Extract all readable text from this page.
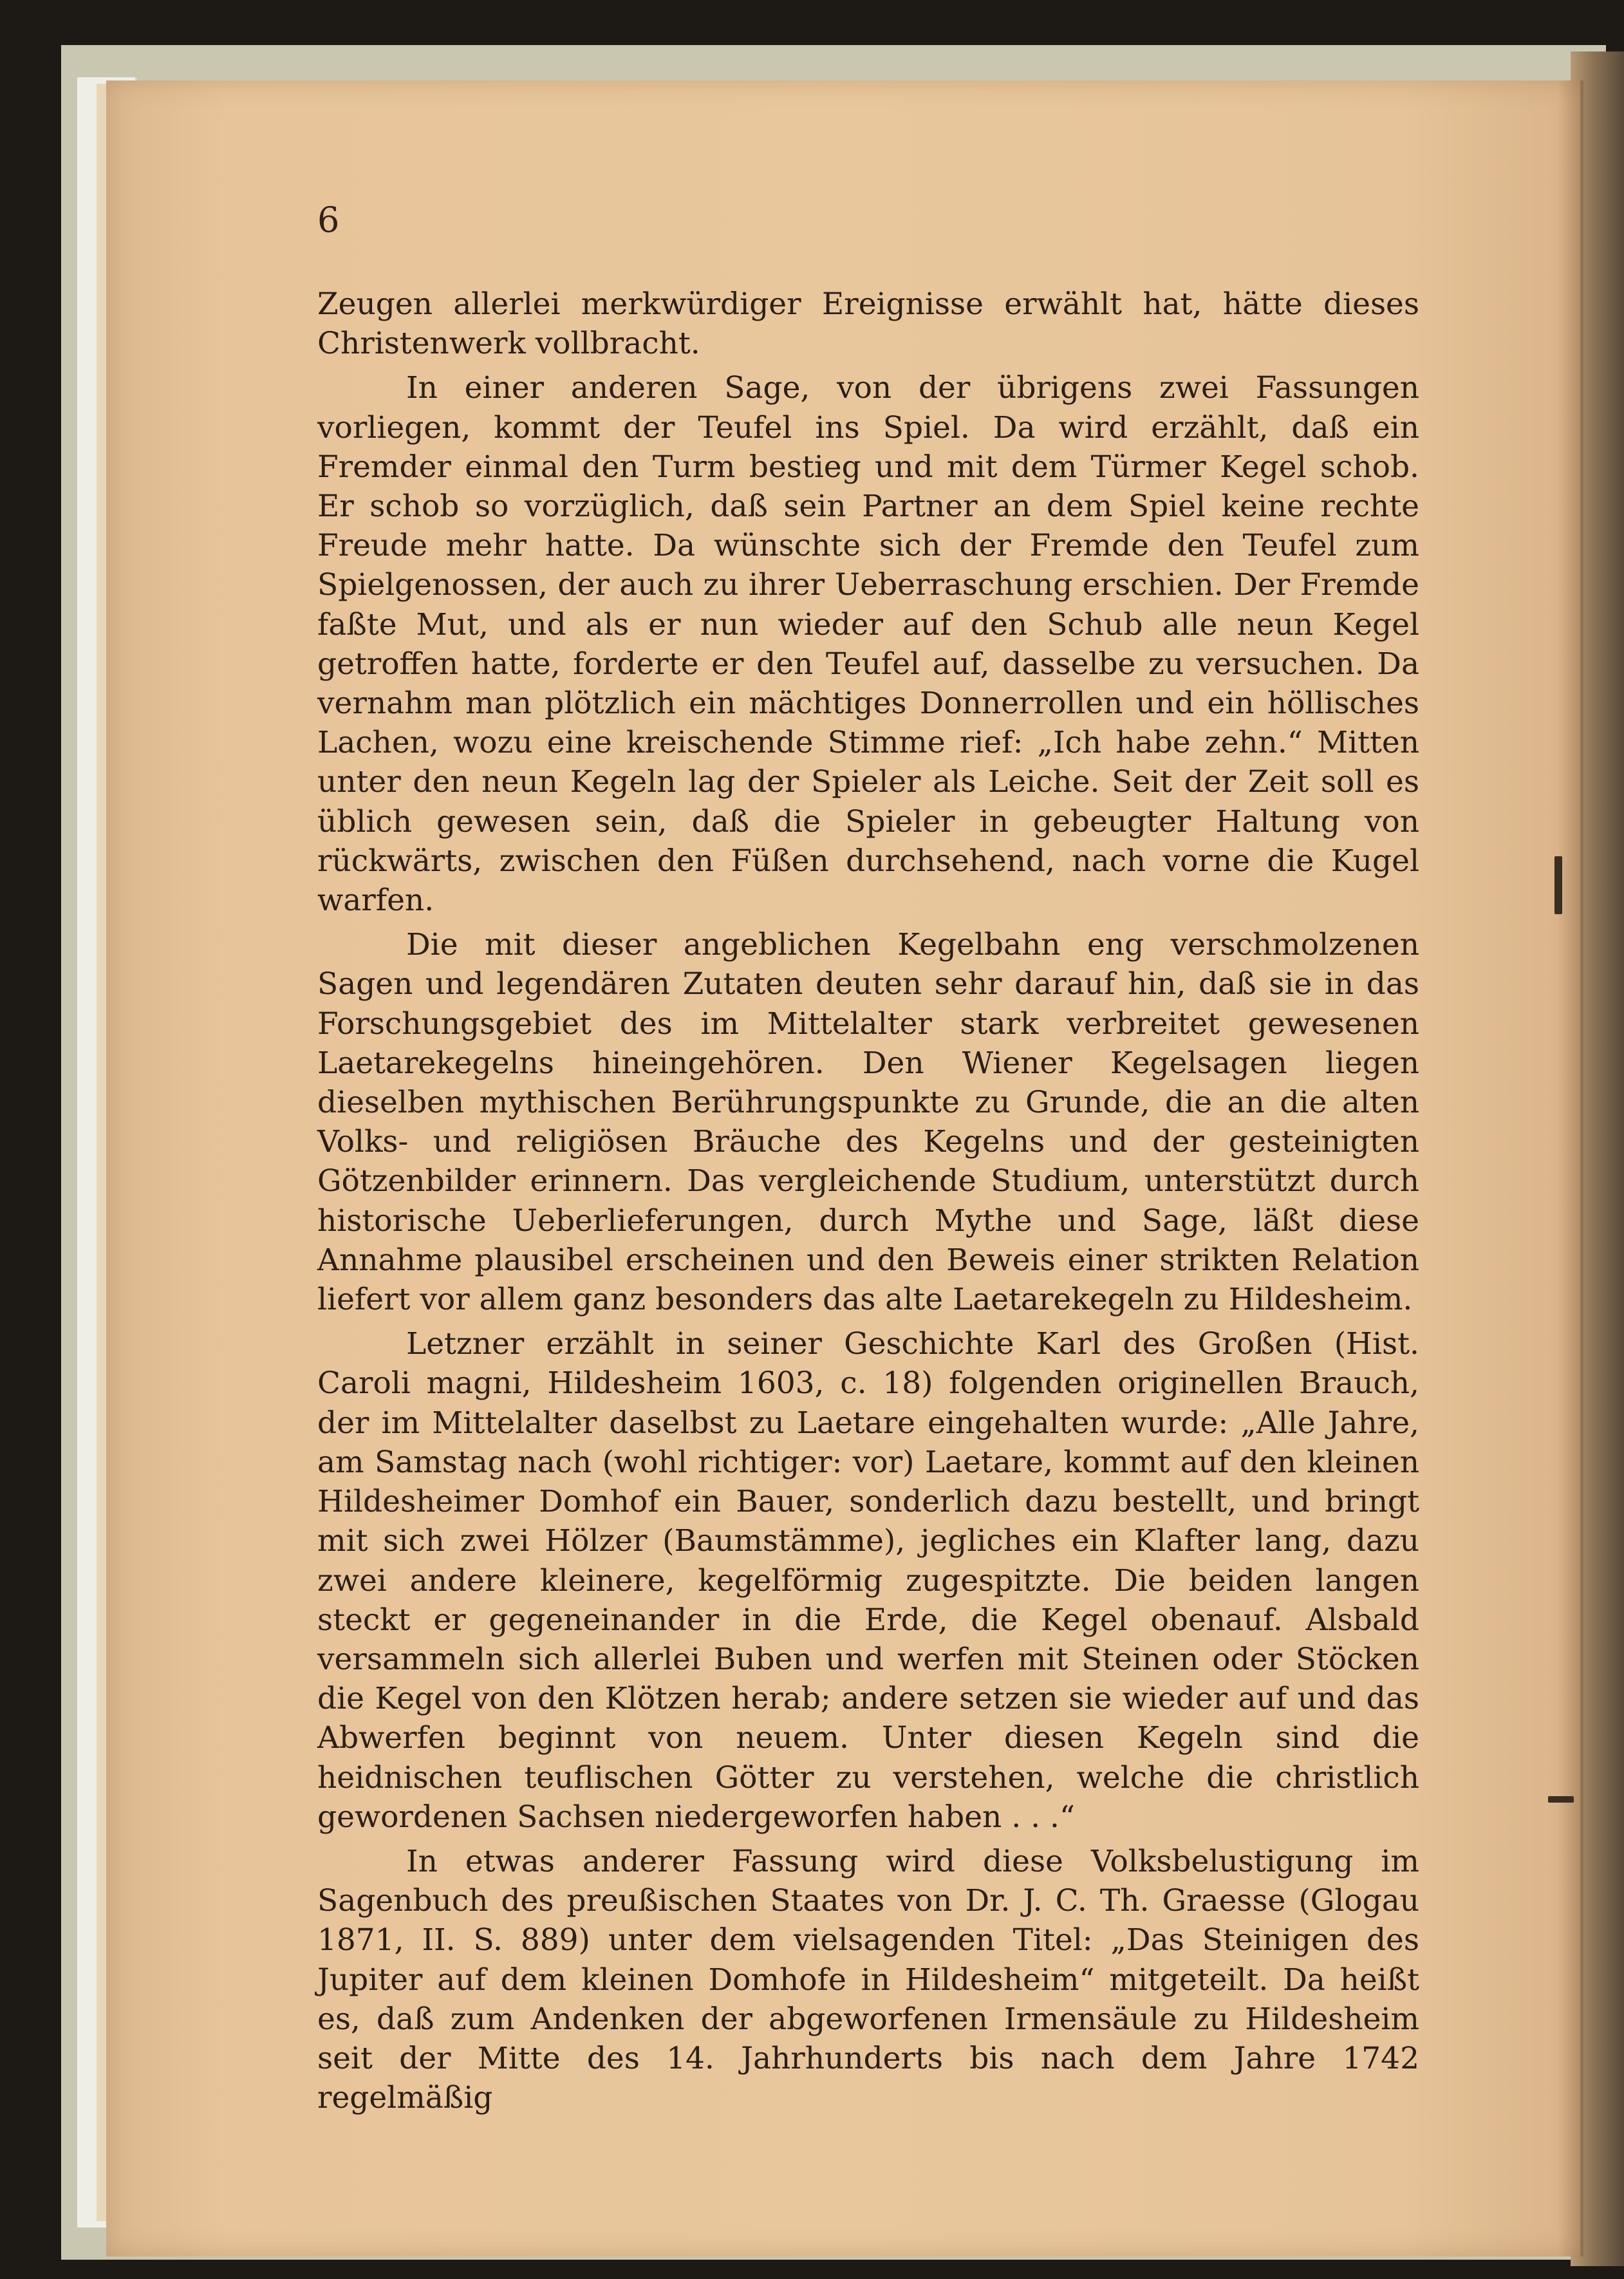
6

Zeugen allerlei merkwürdiger Ereignisse erwählt hat, hätte dieses Christenwerk vollbracht.

In einer anderen Sage, von der übrigens zwei Fassungen vorliegen, kommt der Teufel ins Spiel. Da wird erzählt, daß ein Fremder einmal den Turm bestieg und mit dem Türmer Kegel schob. Er schob so vorzüglich, daß sein Partner an dem Spiel keine rechte Freude mehr hatte. Da wünschte sich der Fremde den Teufel zum Spielgenossen, der auch zu ihrer Ueberraschung erschien. Der Fremde faßte Mut, und als er nun wieder auf den Schub alle neun Kegel getroffen hatte, forderte er den Teufel auf, dasselbe zu versuchen. Da vernahm man plötzlich ein mächtiges Donnerrollen und ein höllisches Lachen, wozu eine kreischende Stimme rief: „Ich habe zehn.“ Mitten unter den neun Kegeln lag der Spieler als Leiche. Seit der Zeit soll es üblich gewesen sein, daß die Spieler in gebeugter Haltung von rückwärts, zwischen den Füßen durchsehend, nach vorne die Kugel warfen.

Die mit dieser angeblichen Kegelbahn eng verschmolzenen Sagen und legendären Zutaten deuten sehr darauf hin, daß sie in das Forschungsgebiet des im Mittelalter stark verbreitet gewesenen Laetarekegelns hineingehören. Den Wiener Kegelsagen liegen dieselben mythischen Berührungspunkte zu Grunde, die an die alten Volks- und religiösen Bräuche des Kegelns und der gesteinigten Götzenbilder erinnern. Das vergleichende Studium, unterstützt durch historische Ueberlieferungen, durch Mythe und Sage, läßt diese Annahme plausibel erscheinen und den Beweis einer strikten Relation liefert vor allem ganz besonders das alte Laetarekegeln zu Hildesheim.

Letzner erzählt in seiner Geschichte Karl des Großen (Hist. Caroli magni, Hildesheim 1603, c. 18) folgenden originellen Brauch, der im Mittelalter daselbst zu Laetare eingehalten wurde: „Alle Jahre, am Samstag nach (wohl richtiger: vor) Laetare, kommt auf den kleinen Hildesheimer Domhof ein Bauer, sonderlich dazu bestellt, und bringt mit sich zwei Hölzer (Baumstämme), jegliches ein Klafter lang, dazu zwei andere kleinere, kegelförmig zugespitzte. Die beiden langen steckt er gegeneinander in die Erde, die Kegel obenauf. Alsbald versammeln sich allerlei Buben und werfen mit Steinen oder Stöcken die Kegel von den Klötzen herab; andere setzen sie wieder auf und das Abwerfen beginnt von neuem. Unter diesen Kegeln sind die heidnischen teuflischen Götter zu verstehen, welche die christlich gewordenen Sachsen niedergeworfen haben . . .“

In etwas anderer Fassung wird diese Volksbelustigung im Sagenbuch des preußischen Staates von Dr. J. C. Th. Graesse (Glogau 1871, II. S. 889) unter dem vielsagenden Titel: „Das Steinigen des Jupiter auf dem kleinen Domhofe in Hildesheim“ mitgeteilt. Da heißt es, daß zum Andenken der abgeworfenen Irmensäule zu Hildesheim seit der Mitte des 14. Jahrhunderts bis nach dem Jahre 1742 regelmäßig
